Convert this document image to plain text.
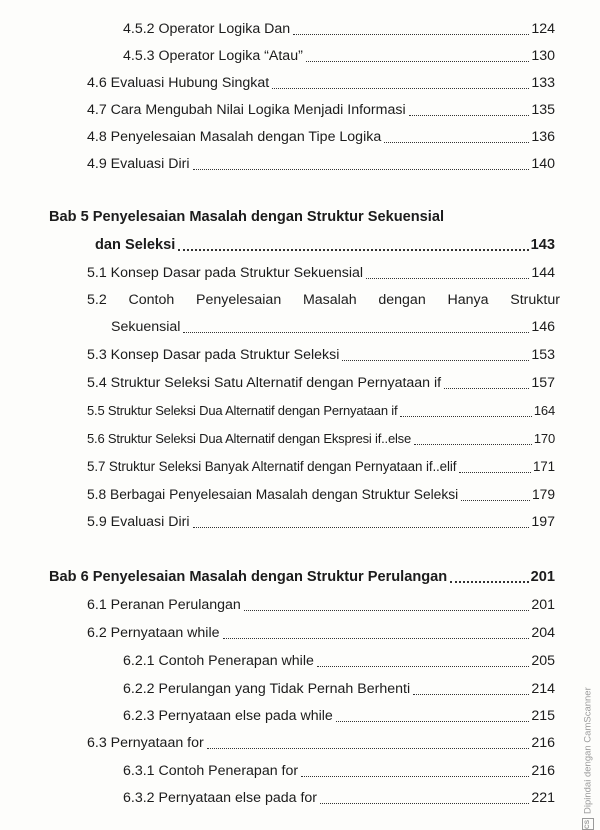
4.5.2 Operator Logika Dan	124
4.5.3 Operator Logika “Atau”	130
4.6 Evaluasi Hubung Singkat	133
4.7 Cara Mengubah Nilai Logika Menjadi Informasi	135
4.8 Penyelesaian Masalah dengan Tipe Logika	136
4.9 Evaluasi Diri	140
Bab 5 Penyelesaian Masalah dengan Struktur Sekuensial
dan Seleksi	143
5.1 Konsep Dasar pada Struktur Sekuensial	144
5.2 Contoh Penyelesaian Masalah dengan Hanya Struktur
Sekuensial	146
5.3 Konsep Dasar pada Struktur Seleksi	153
5.4 Struktur Seleksi Satu Alternatif dengan Pernyataan if	157
5.5 Struktur Seleksi Dua Alternatif dengan Pernyataan if	164
5.6 Struktur Seleksi Dua Alternatif dengan Ekspresi if..else	170
5.7 Struktur Seleksi Banyak Alternatif dengan Pernyataan if..elif	171
5.8 Berbagai Penyelesaian Masalah dengan Struktur Seleksi	179
5.9 Evaluasi Diri	197
Bab 6 Penyelesaian Masalah dengan Struktur Perulangan	201
6.1 Peranan Perulangan	201
6.2 Pernyataan while	204
6.2.1 Contoh Penerapan while	205
6.2.2 Perulangan yang Tidak Pernah Berhenti	214
6.2.3 Pernyataan else pada while	215
6.3 Pernyataan for	216
6.3.1 Contoh Penerapan for	216
6.3.2 Pernyataan else pada for	221
CS
Dipindai dengan CamScanner
